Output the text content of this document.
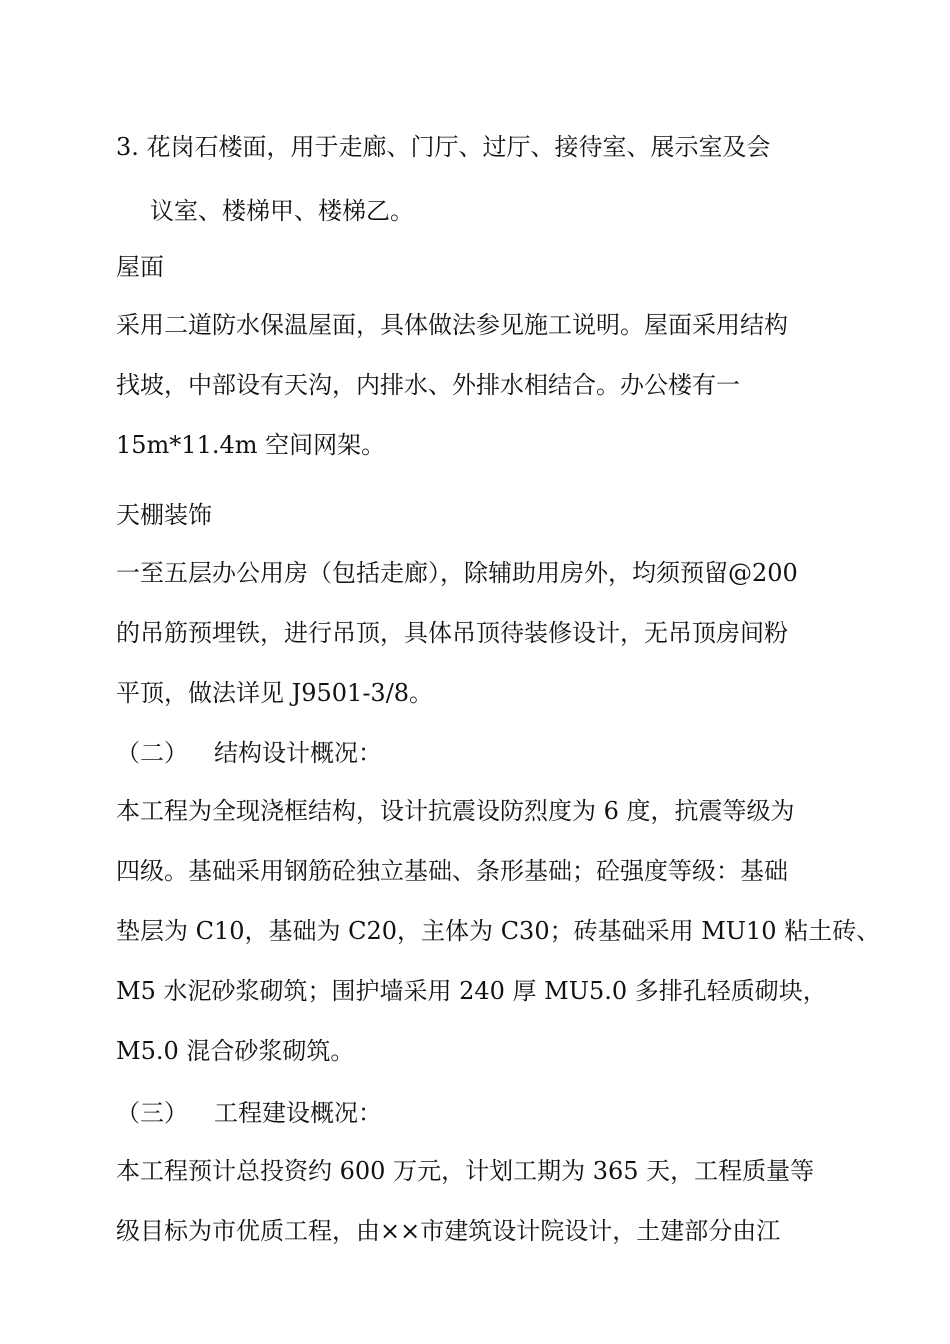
3. 花岗石楼面，用于走廊、门厅、过厅、接待室、展示室及会
议室、楼梯甲、楼梯乙。
屋面
采用二道防水保温屋面，具体做法参见施工说明。屋面采用结构
找坡，中部设有天沟，内排水、外排水相结合。办公楼有一
15m*11.4m 空间网架。
天棚装饰
一至五层办公用房（包括走廊），除辅助用房外，均须预留@200
的吊筋预埋铁，进行吊顶，具体吊顶待装修设计，无吊顶房间粉
平顶，做法详见 J9501-3/8。
（二） 结构设计概况：
本工程为全现浇框结构，设计抗震设防烈度为 6 度，抗震等级为
四级。基础采用钢筋砼独立基础、条形基础；砼强度等级：基础
垫层为 C10，基础为 C20，主体为 C30；砖基础采用 MU10 粘土砖、
M5 水泥砂浆砌筑；围护墙采用 240 厚 MU5.0 多排孔轻质砌块，
M5.0 混合砂浆砌筑。
（三） 工程建设概况：
本工程预计总投资约 600 万元，计划工期为 365 天，工程质量等
级目标为市优质工程，由××市建筑设计院设计，土建部分由江
